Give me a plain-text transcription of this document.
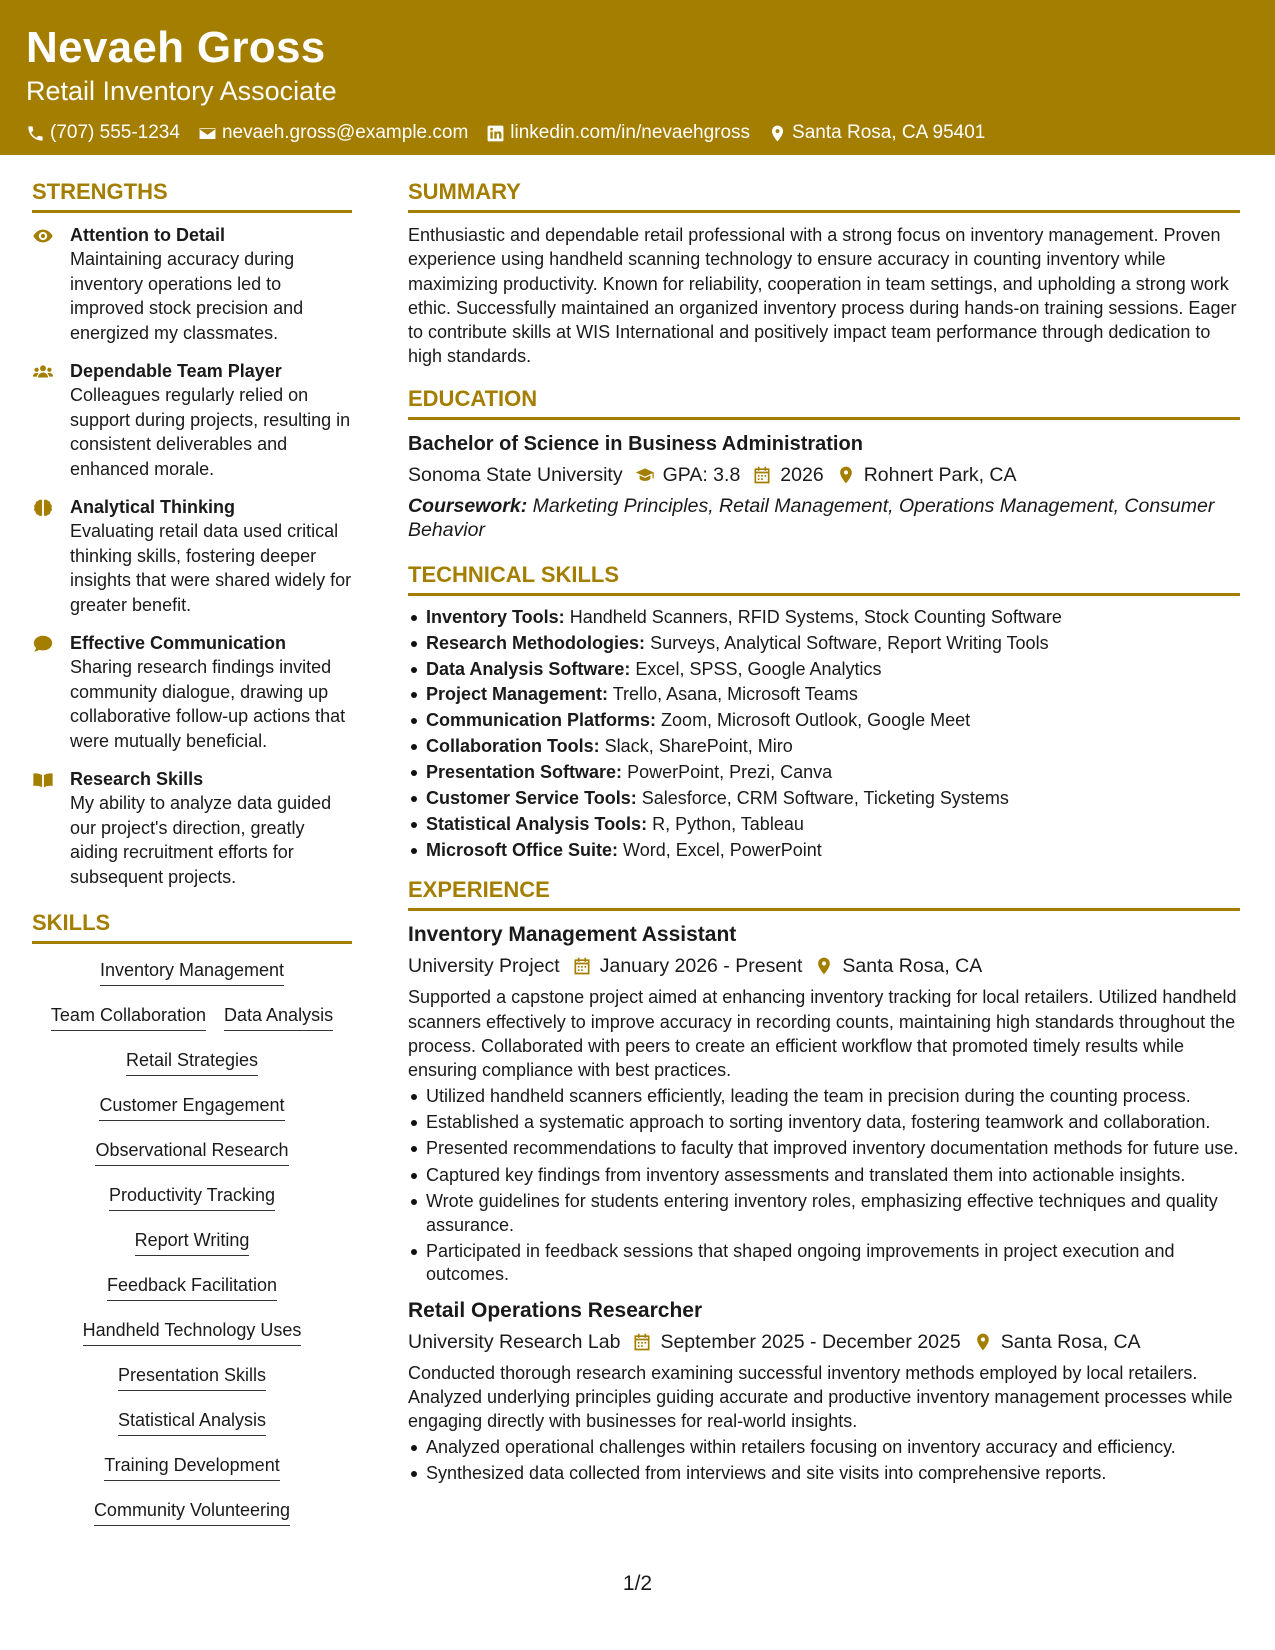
Nevaeh Gross
Retail Inventory Associate
(707) 555-1234 nevaeh.gross@example.com linkedin.com/in/nevaehgross Santa Rosa, CA 95401
STRENGTHS
Attention to Detail
Maintaining accuracy during inventory operations led to improved stock precision and energized my classmates.
Dependable Team Player
Colleagues regularly relied on support during projects, resulting in consistent deliverables and enhanced morale.
Analytical Thinking
Evaluating retail data used critical thinking skills, fostering deeper insights that were shared widely for greater benefit.
Effective Communication
Sharing research findings invited community dialogue, drawing up collaborative follow-up actions that were mutually beneficial.
Research Skills
My ability to analyze data guided our project's direction, greatly aiding recruitment efforts for subsequent projects.
SKILLS
Inventory Management
Team Collaboration Data Analysis
Retail Strategies
Customer Engagement
Observational Research
Productivity Tracking
Report Writing
Feedback Facilitation
Handheld Technology Uses
Presentation Skills
Statistical Analysis
Training Development
Community Volunteering
SUMMARY
Enthusiastic and dependable retail professional with a strong focus on inventory management. Proven experience using handheld scanning technology to ensure accuracy in counting inventory while maximizing productivity. Known for reliability, cooperation in team settings, and upholding a strong work ethic. Successfully maintained an organized inventory process during hands-on training sessions. Eager to contribute skills at WIS International and positively impact team performance through dedication to high standards.
EDUCATION
Bachelor of Science in Business Administration
Sonoma State University GPA: 3.8 2026 Rohnert Park, CA
Coursework: Marketing Principles, Retail Management, Operations Management, Consumer Behavior
TECHNICAL SKILLS
Inventory Tools: Handheld Scanners, RFID Systems, Stock Counting Software
Research Methodologies: Surveys, Analytical Software, Report Writing Tools
Data Analysis Software: Excel, SPSS, Google Analytics
Project Management: Trello, Asana, Microsoft Teams
Communication Platforms: Zoom, Microsoft Outlook, Google Meet
Collaboration Tools: Slack, SharePoint, Miro
Presentation Software: PowerPoint, Prezi, Canva
Customer Service Tools: Salesforce, CRM Software, Ticketing Systems
Statistical Analysis Tools: R, Python, Tableau
Microsoft Office Suite: Word, Excel, PowerPoint
EXPERIENCE
Inventory Management Assistant
University Project January 2026 - Present Santa Rosa, CA
Supported a capstone project aimed at enhancing inventory tracking for local retailers. Utilized handheld scanners effectively to improve accuracy in recording counts, maintaining high standards throughout the process. Collaborated with peers to create an efficient workflow that promoted timely results while ensuring compliance with best practices.
Utilized handheld scanners efficiently, leading the team in precision during the counting process.
Established a systematic approach to sorting inventory data, fostering teamwork and collaboration.
Presented recommendations to faculty that improved inventory documentation methods for future use.
Captured key findings from inventory assessments and translated them into actionable insights.
Wrote guidelines for students entering inventory roles, emphasizing effective techniques and quality assurance.
Participated in feedback sessions that shaped ongoing improvements in project execution and outcomes.
Retail Operations Researcher
University Research Lab September 2025 - December 2025 Santa Rosa, CA
Conducted thorough research examining successful inventory methods employed by local retailers. Analyzed underlying principles guiding accurate and productive inventory management processes while engaging directly with businesses for real-world insights.
Analyzed operational challenges within retailers focusing on inventory accuracy and efficiency.
Synthesized data collected from interviews and site visits into comprehensive reports.
1/2
